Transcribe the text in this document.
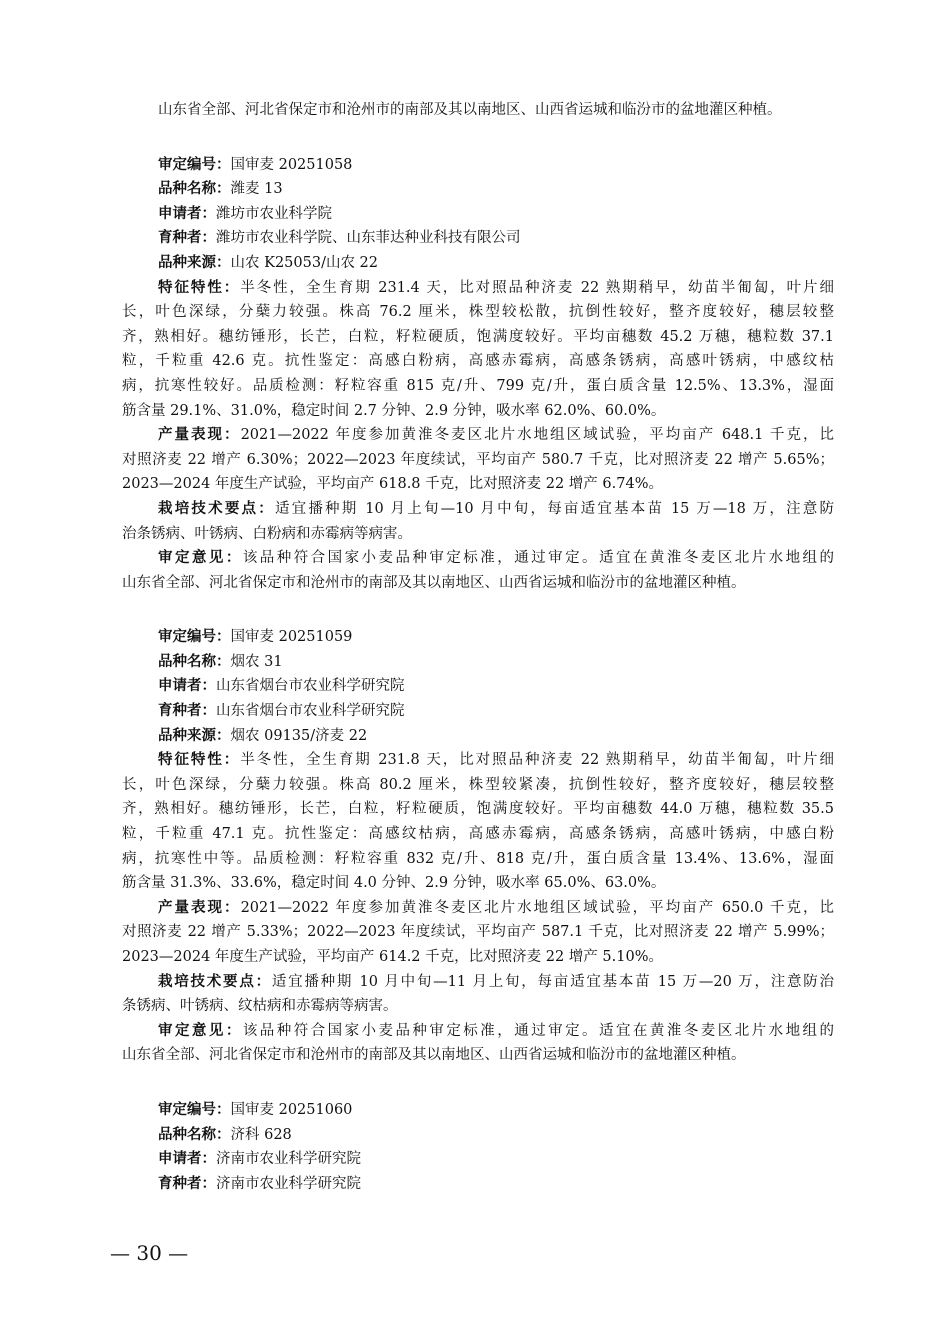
山东省全部、河北省保定市和沧州市的南部及其以南地区、山西省运城和临汾市的盆地灌区种植。
审定编号：国审麦 20251058
品种名称：潍麦 13
申请者：潍坊市农业科学院
育种者：潍坊市农业科学院、山东菲达种业科技有限公司
品种来源：山农 K25053/山农 22
特征特性：半冬性，全生育期 231.4 天，比对照品种济麦 22 熟期稍早，幼苗半匍匐，叶片细
长，叶色深绿，分蘖力较强。株高 76.2 厘米，株型较松散，抗倒性较好，整齐度较好，穗层较整
齐，熟相好。穗纺锤形，长芒，白粒，籽粒硬质，饱满度较好。平均亩穗数 45.2 万穗，穗粒数 37.1
粒，千粒重 42.6 克。抗性鉴定：高感白粉病，高感赤霉病，高感条锈病，高感叶锈病，中感纹枯
病，抗寒性较好。品质检测：籽粒容重 815 克/升、799 克/升，蛋白质含量 12.5%、13.3%，湿面
筋含量 29.1%、31.0%，稳定时间 2.7 分钟、2.9 分钟，吸水率 62.0%、60.0%。
产量表现：2021—2022 年度参加黄淮冬麦区北片水地组区域试验，平均亩产 648.1 千克，比
对照济麦 22 增产 6.30%；2022—2023 年度续试，平均亩产 580.7 千克，比对照济麦 22 增产 5.65%；
2023—2024 年度生产试验，平均亩产 618.8 千克，比对照济麦 22 增产 6.74%。
栽培技术要点：适宜播种期 10 月上旬—10 月中旬，每亩适宜基本苗 15 万—18 万，注意防
治条锈病、叶锈病、白粉病和赤霉病等病害。
审定意见：该品种符合国家小麦品种审定标准，通过审定。适宜在黄淮冬麦区北片水地组的
山东省全部、河北省保定市和沧州市的南部及其以南地区、山西省运城和临汾市的盆地灌区种植。
审定编号：国审麦 20251059
品种名称：烟农 31
申请者：山东省烟台市农业科学研究院
育种者：山东省烟台市农业科学研究院
品种来源：烟农 09135/济麦 22
特征特性：半冬性，全生育期 231.8 天，比对照品种济麦 22 熟期稍早，幼苗半匍匐，叶片细
长，叶色深绿，分蘖力较强。株高 80.2 厘米，株型较紧凑，抗倒性较好，整齐度较好，穗层较整
齐，熟相好。穗纺锤形，长芒，白粒，籽粒硬质，饱满度较好。平均亩穗数 44.0 万穗，穗粒数 35.5
粒，千粒重 47.1 克。抗性鉴定：高感纹枯病，高感赤霉病，高感条锈病，高感叶锈病，中感白粉
病，抗寒性中等。品质检测：籽粒容重 832 克/升、818 克/升，蛋白质含量 13.4%、13.6%，湿面
筋含量 31.3%、33.6%，稳定时间 4.0 分钟、2.9 分钟，吸水率 65.0%、63.0%。
产量表现：2021—2022 年度参加黄淮冬麦区北片水地组区域试验，平均亩产 650.0 千克，比
对照济麦 22 增产 5.33%；2022—2023 年度续试，平均亩产 587.1 千克，比对照济麦 22 增产 5.99%；
2023—2024 年度生产试验，平均亩产 614.2 千克，比对照济麦 22 增产 5.10%。
栽培技术要点：适宜播种期 10 月中旬—11 月上旬，每亩适宜基本苗 15 万—20 万，注意防治
条锈病、叶锈病、纹枯病和赤霉病等病害。
审定意见：该品种符合国家小麦品种审定标准，通过审定。适宜在黄淮冬麦区北片水地组的
山东省全部、河北省保定市和沧州市的南部及其以南地区、山西省运城和临汾市的盆地灌区种植。
审定编号：国审麦 20251060
品种名称：济科 628
申请者：济南市农业科学研究院
育种者：济南市农业科学研究院
— 30 —
